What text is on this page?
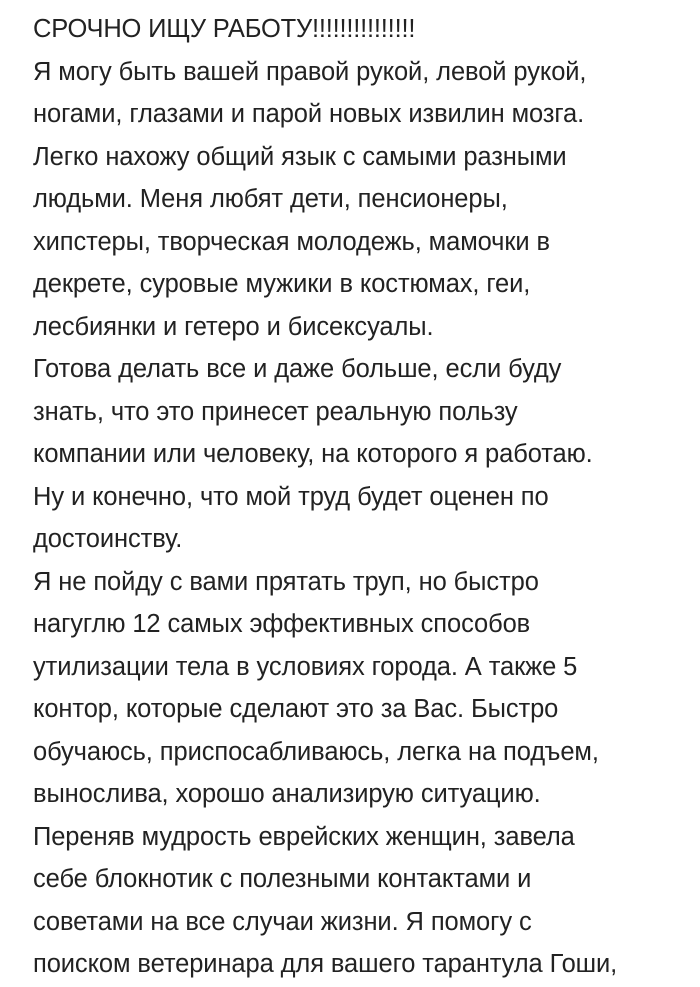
СРОЧНО ИЩУ РАБОТУ!!!!!!!!!!!!!!!
Я могу быть вашей правой рукой, левой рукой,
ногами, глазами и парой новых извилин мозга.
Легко нахожу общий язык с самыми разными
людьми. Меня любят дети, пенсионеры,
хипстеры, творческая молодежь, мамочки в
декрете, суровые мужики в костюмах, геи,
лесбиянки и гетеро и бисексуалы.
Готова делать все и даже больше, если буду
знать, что это принесет реальную пользу
компании или человеку, на которого я работаю.
Ну и конечно, что мой труд будет оценен по
достоинству.
Я не пойду с вами прятать труп, но быстро
нагуглю 12 самых эффективных способов
утилизации тела в условиях города. А также 5
контор, которые сделают это за Вас. Быстро
обучаюсь, приспосабливаюсь, легка на подъем,
вынослива, хорошо анализирую ситуацию.
Переняв мудрость еврейских женщин, завела
себе блокнотик с полезными контактами и
советами на все случаи жизни. Я помогу с
поиском ветеринара для вашего тарантула Гоши,
